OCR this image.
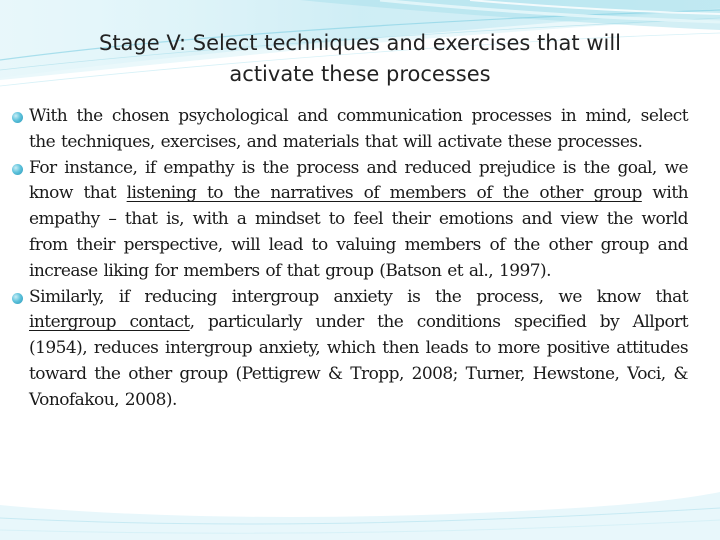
Stage V: Select techniques and exercises that will
activate these processes
With the chosen psychological and communication processes in mind, select the techniques, exercises, and materials that will activate these processes.
For instance, if empathy is the process and reduced prejudice is the goal, we know that listening to the narratives of members of the other group with empathy – that is, with a mindset to feel their emotions and view the world from their perspective, will lead to valuing members of the other group and increase liking for members of that group (Batson et al., 1997).
Similarly, if reducing intergroup anxiety is the process, we know that intergroup contact, particularly under the conditions specified by Allport (1954), reduces intergroup anxiety, which then leads to more positive attitudes toward the other group (Pettigrew & Tropp, 2008; Turner, Hewstone, Voci, & Vonofakou, 2008).
